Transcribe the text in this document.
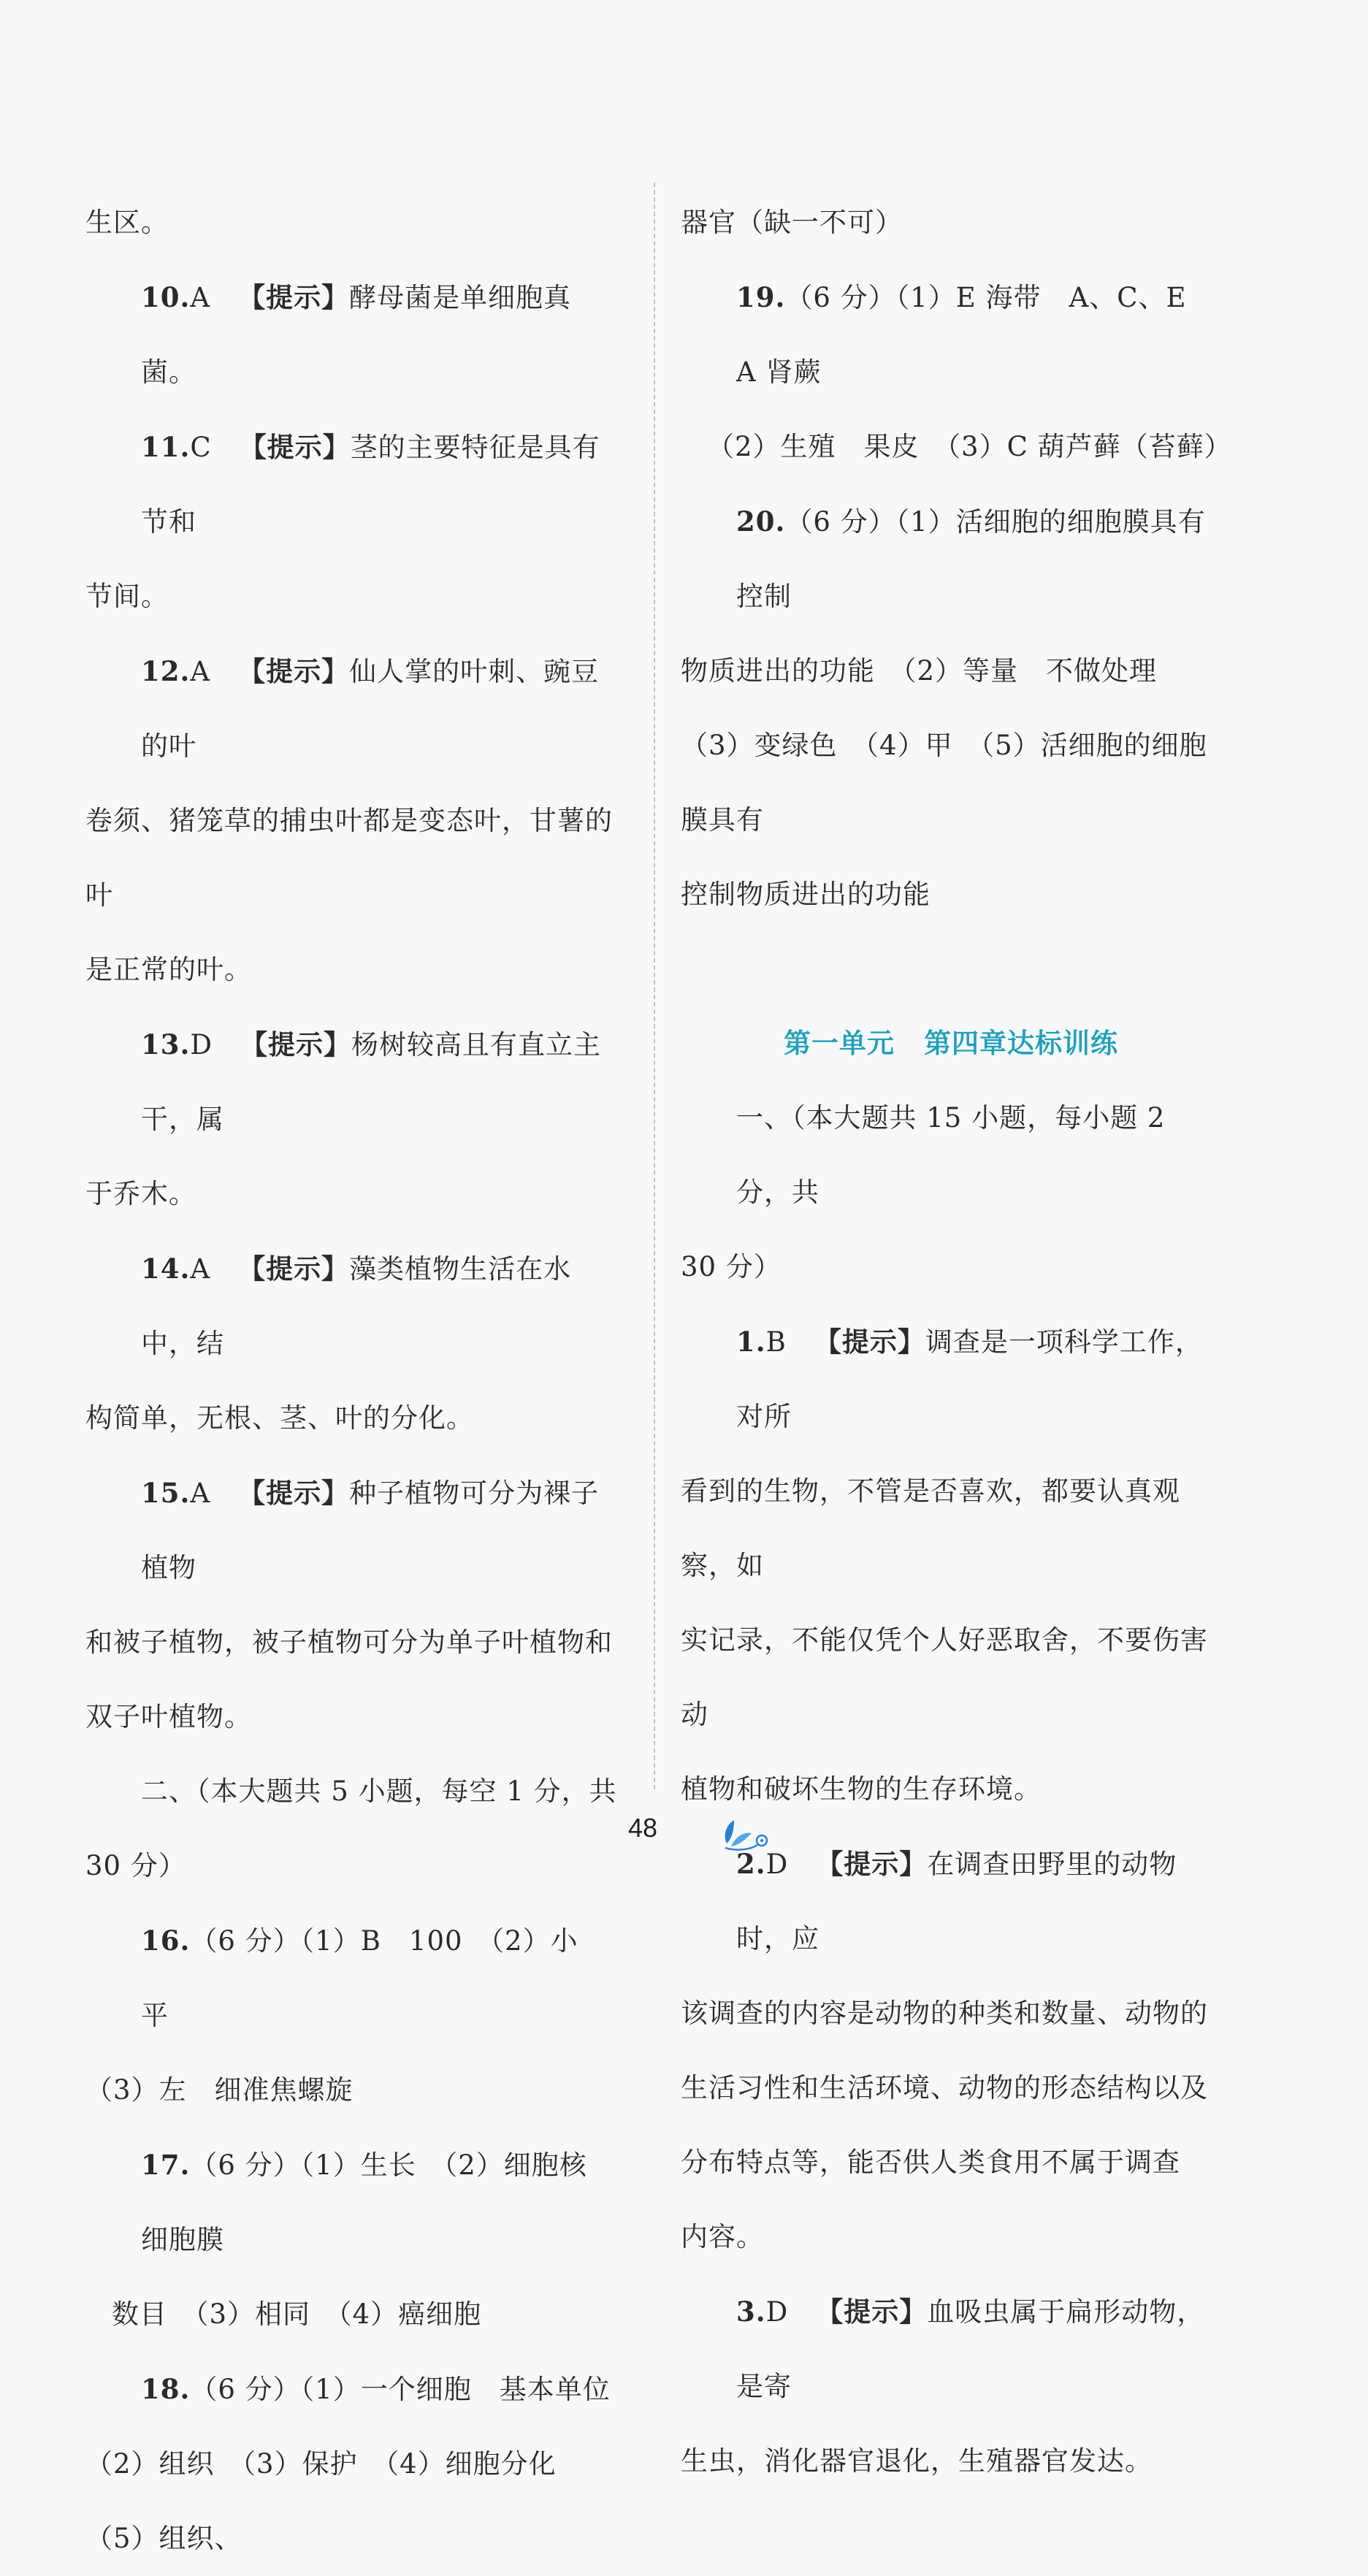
生区。

10.A 【提示】酵母菌是单细胞真菌。

11.C 【提示】茎的主要特征是具有节和

节间。

12.A 【提示】仙人掌的叶刺、豌豆的叶

卷须、猪笼草的捕虫叶都是变态叶，甘薯的叶

是正常的叶。

13.D 【提示】杨树较高且有直立主干，属

于乔木。

14.A 【提示】藻类植物生活在水中，结

构简单，无根、茎、叶的分化。

15.A 【提示】种子植物可分为裸子植物

和被子植物，被子植物可分为单子叶植物和

双子叶植物。

二、（本大题共 5 小题，每空 1 分，共

30 分）

16.（6 分）（1）B　100　（2）小　平

（3）左　细准焦螺旋

17.（6 分）（1）生长　（2）细胞核　细胞膜

数目　（3）相同　（4）癌细胞

18.（6 分）（1）一个细胞　基本单位

（2）组织　（3）保护　（4）细胞分化　（5）组织、

器官（缺一不可）

19.（6 分）（1）E 海带　A、C、E　A 肾蕨

（2）生殖　果皮　（3）C 葫芦藓（苔藓）

20.（6 分）（1）活细胞的细胞膜具有控制

物质进出的功能　（2）等量　不做处理

（3）变绿色　（4）甲　（5）活细胞的细胞膜具有

控制物质进出的功能

第一单元 第四章达标训练

一、（本大题共 15 小题，每小题 2 分，共

30 分）

1.B 【提示】调查是一项科学工作，对所

看到的生物，不管是否喜欢，都要认真观察，如

实记录，不能仅凭个人好恶取舍，不要伤害动

植物和破坏生物的生存环境。

2.D 【提示】在调查田野里的动物时，应

该调查的内容是动物的种类和数量、动物的

生活习性和生活环境、动物的形态结构以及

分布特点等，能否供人类食用不属于调查

内容。

3.D 【提示】血吸虫属于扁形动物，是寄

生虫，消化器官退化，生殖器官发达。

48
